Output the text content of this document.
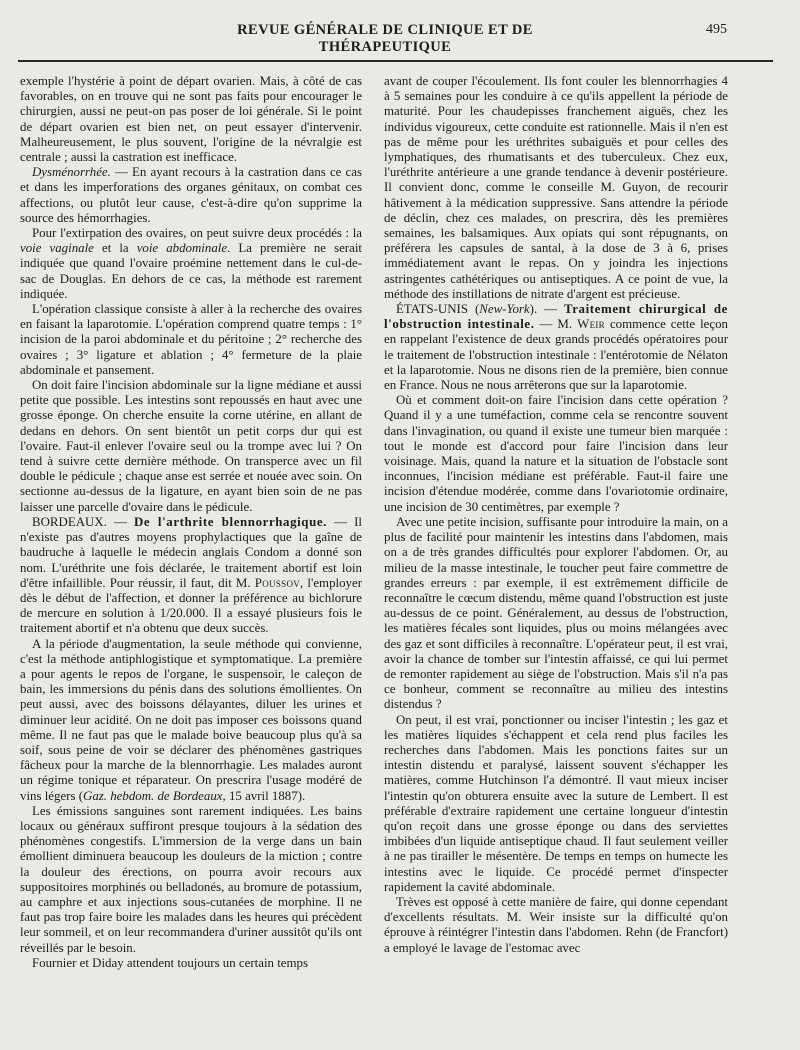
REVUE GÉNÉRALE DE CLINIQUE ET DE THÉRAPEUTIQUE
495

exemple l'hystérie à point de départ ovarien. Mais, à côté de cas favorables, on en trouve qui ne sont pas faits pour encourager le chirurgien, aussi ne peut-on pas poser de loi générale. Si le point de départ ovarien est bien net, on peut essayer d'intervenir. Malheureusement, le plus souvent, l'origine de la névralgie est centrale ; aussi la castration est inefficace.

Dysménorrhée. — En ayant recours à la castration dans ce cas et dans les imperforations des organes génitaux, on combat ces affections, ou plutôt leur cause, c'est-à-dire qu'on supprime la source des hémorrhagies.

Pour l'extirpation des ovaires, on peut suivre deux procédés : la voie vaginale et la voie abdominale. La première ne serait indiquée que quand l'ovaire proémine nettement dans le cul-de-sac de Douglas. En dehors de ce cas, la méthode est rarement indiquée.

L'opération classique consiste à aller à la recherche des ovaires en faisant la laparotomie. L'opération comprend quatre temps : 1° incision de la paroi abdominale et du péritoine ; 2° recherche des ovaires ; 3° ligature et ablation ; 4° fermeture de la plaie abdominale et pansement.

On doit faire l'incision abdominale sur la ligne médiane et aussi petite que possible. Les intestins sont repoussés en haut avec une grosse éponge. On cherche ensuite la corne utérine, en allant de dedans en dehors. On sent bientôt un petit corps dur qui est l'ovaire. Faut-il enlever l'ovaire seul ou la trompe avec lui ? On tend à suivre cette dernière méthode. On transperce avec un fil double le pédicule ; chaque anse est serrée et nouée avec soin. On sectionne au-dessus de la ligature, en ayant bien soin de ne pas laisser une parcelle d'ovaire dans le pédicule.

BORDEAUX. — De l'arthrite blennorrhagique. — Il n'existe pas d'autres moyens prophylactiques que la gaîne de baudruche à laquelle le médecin anglais Condom a donné son nom. L'uréthrite une fois déclarée, le traitement abortif est loin d'être infaillible. Pour réussir, il faut, dit M. Poussov, l'employer dès le début de l'affection, et donner la préférence au bichlorure de mercure en solution à 1/20.000. Il a essayé plusieurs fois le traitement abortif et n'a obtenu que deux succès.

A la période d'augmentation, la seule méthode qui convienne, c'est la méthode antiphlogistique et symptomatique. La première a pour agents le repos de l'organe, le suspensoir, le caleçon de bain, les immersions du pénis dans des solutions émollientes. On peut aussi, avec des boissons délayantes, diluer les urines et diminuer leur acidité. On ne doit pas imposer ces boissons quand même. Il ne faut pas que le malade boive beaucoup plus qu'à sa soif, sous peine de voir se déclarer des phénomènes gastriques fâcheux pour la marche de la blennorrhagie. Les malades auront un régime tonique et réparateur. On prescrira l'usage modéré de vins légers (Gaz. hebdom. de Bordeaux, 15 avril 1887).

Les émissions sanguines sont rarement indiquées. Les bains locaux ou généraux suffiront presque toujours à la sédation des phénomènes congestifs. L'immersion de la verge dans un bain émollient diminuera beaucoup les douleurs de la miction ; contre la douleur des érections, on pourra avoir recours aux suppositoires morphinés ou belladonés, au bromure de potassium, au camphre et aux injections sous-cutanées de morphine. Il ne faut pas trop faire boire les malades dans les heures qui précèdent leur sommeil, et on leur recommandera d'uriner aussitôt qu'ils ont réveillés par le besoin.

Fournier et Diday attendent toujours un certain temps

avant de couper l'écoulement. Ils font couler les blennorrhagies 4 à 5 semaines pour les conduire à ce qu'ils appellent la période de maturité. Pour les chaudepisses franchement aiguës, chez les individus vigoureux, cette conduite est rationnelle. Mais il n'en est pas de même pour les uréthrites subaiguës et pour celles des lymphatiques, des rhumatisants et des tuberculeux. Chez eux, l'uréthrite antérieure a une grande tendance à devenir postérieure. Il convient donc, comme le conseille M. Guyon, de recourir hâtivement à la médication suppressive. Sans attendre la période de déclin, chez ces malades, on prescrira, dès les premières semaines, les balsamiques. Aux opiats qui sont répugnants, on préférera les capsules de santal, à la dose de 3 à 6, prises immédiatement avant le repas. On y joindra les injections astringentes cathétériques ou antiseptiques. A ce point de vue, la méthode des instillations de nitrate d'argent est précieuse.

ÉTATS-UNIS (New-York). — Traitement chirurgical de l'obstruction intestinale. — M. Weir commence cette leçon en rappelant l'existence de deux grands procédés opératoires pour le traitement de l'obstruction intestinale : l'entérotomie de Nélaton et la laparotomie. Nous ne disons rien de la première, bien connue en France. Nous ne nous arrêterons que sur la laparotomie.

Où et comment doit-on faire l'incision dans cette opération ? Quand il y a une tuméfaction, comme cela se rencontre souvent dans l'invagination, ou quand il existe une tumeur bien marquée : tout le monde est d'accord pour faire l'incision dans leur voisinage. Mais, quand la nature et la situation de l'obstacle sont inconnues, l'incision médiane est préférable. Faut-il faire une incision d'étendue modérée, comme dans l'ovariotomie ordinaire, une incision de 30 centimètres, par exemple ?

Avec une petite incision, suffisante pour introduire la main, on a plus de facilité pour maintenir les intestins dans l'abdomen, mais on a de très grandes difficultés pour explorer l'abdomen. Or, au milieu de la masse intestinale, le toucher peut faire commettre de grandes erreurs : par exemple, il est extrêmement difficile de reconnaître le cœcum distendu, même quand l'obstruction est juste au-dessus de ce point. Généralement, au dessus de l'obstruction, les matières fécales sont liquides, plus ou moins mélangées avec des gaz et sont difficiles à reconnaître. L'opérateur peut, il est vrai, avoir la chance de tomber sur l'intestin affaissé, ce qui lui permet de remonter rapidement au siège de l'obstruction. Mais s'il n'a pas ce bonheur, comment se reconnaître au milieu des intestins distendus ?

On peut, il est vrai, ponctionner ou inciser l'intestin ; les gaz et les matières liquides s'échappent et cela rend plus faciles les recherches dans l'abdomen. Mais les ponctions faites sur un intestin distendu et paralysé, laissent souvent s'échapper les matières, comme Hutchinson l'a démontré. Il vaut mieux inciser l'intestin qu'on obturera ensuite avec la suture de Lembert. Il est préférable d'extraire rapidement une certaine longueur d'intestin qu'on reçoit dans une grosse éponge ou dans des serviettes imbibées d'un liquide antiseptique chaud. Il faut seulement veiller à ne pas tirailler le mésentère. De temps en temps on humecte les intestins avec le liquide. Ce procédé permet d'inspecter rapidement la cavité abdominale.

Trèves est opposé à cette manière de faire, qui donne cependant d'excellents résultats. M. Weir insiste sur la difficulté qu'on éprouve à réintégrer l'intestin dans l'abdomen. Rehn (de Francfort) a employé le lavage de l'estomac avec
